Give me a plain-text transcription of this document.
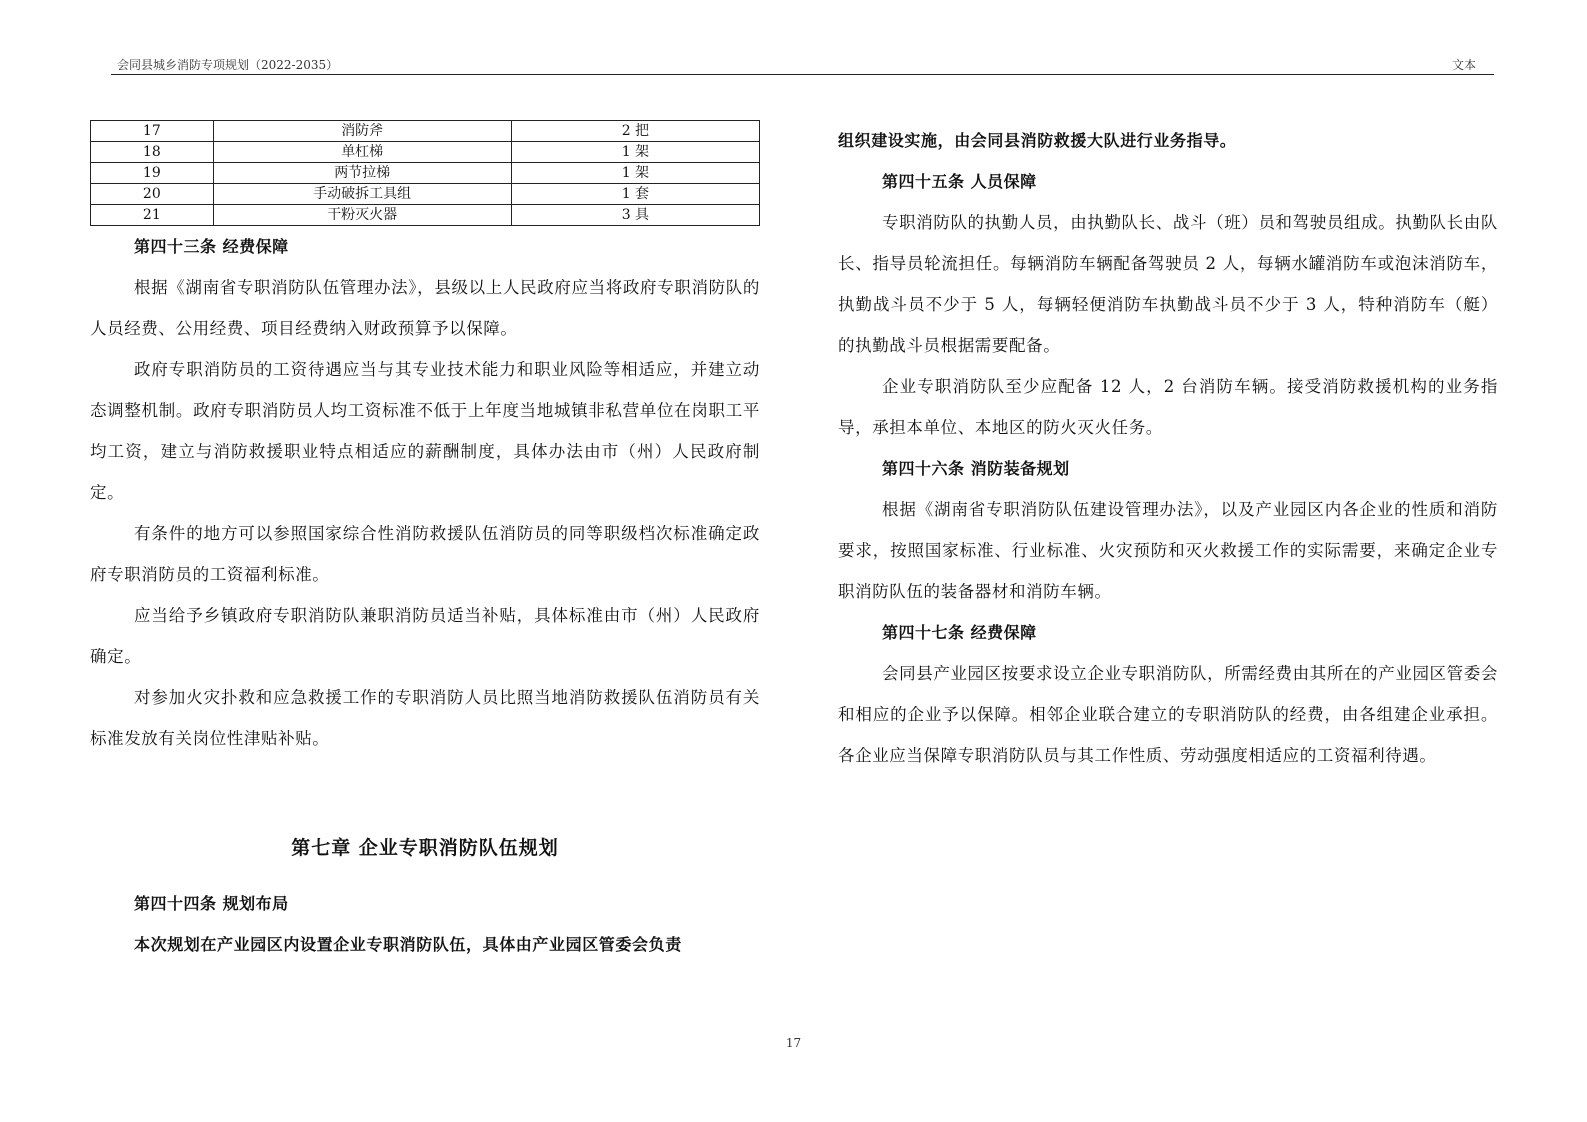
会同县城乡消防专项规划（2022-2035）	文本
17	消防斧	2 把
18	单杠梯	1 架
19	两节拉梯	1 架
20	手动破拆工具组	1 套
21	干粉灭火器	3 具

第四十三条 经费保障

根据《湖南省专职消防队伍管理办法》，县级以上人民政府应当将政府专职消防队的人员经费、公用经费、项目经费纳入财政预算予以保障。

政府专职消防员的工资待遇应当与其专业技术能力和职业风险等相适应，并建立动态调整机制。政府专职消防员人均工资标准不低于上年度当地城镇非私营单位在岗职工平均工资，建立与消防救援职业特点相适应的薪酬制度，具体办法由市（州）人民政府制定。

有条件的地方可以参照国家综合性消防救援队伍消防员的同等职级档次标准确定政府专职消防员的工资福利标准。

应当给予乡镇政府专职消防队兼职消防员适当补贴，具体标准由市（州）人民政府确定。

对参加火灾扑救和应急救援工作的专职消防人员比照当地消防救援队伍消防员有关标准发放有关岗位性津贴补贴。

第七章 企业专职消防队伍规划

第四十四条 规划布局

本次规划在产业园区内设置企业专职消防队伍，具体由产业园区管委会负责

组织建设实施，由会同县消防救援大队进行业务指导。

第四十五条 人员保障

专职消防队的执勤人员，由执勤队长、战斗（班）员和驾驶员组成。执勤队长由队长、指导员轮流担任。每辆消防车辆配备驾驶员 2 人，每辆水罐消防车或泡沫消防车，执勤战斗员不少于 5 人，每辆轻便消防车执勤战斗员不少于 3 人，特种消防车（艇）的执勤战斗员根据需要配备。

企业专职消防队至少应配备 12 人，2 台消防车辆。接受消防救援机构的业务指导，承担本单位、本地区的防火灭火任务。

第四十六条 消防装备规划

根据《湖南省专职消防队伍建设管理办法》，以及产业园区内各企业的性质和消防要求，按照国家标准、行业标准、火灾预防和灭火救援工作的实际需要，来确定企业专职消防队伍的装备器材和消防车辆。

第四十七条 经费保障

会同县产业园区按要求设立企业专职消防队，所需经费由其所在的产业园区管委会和相应的企业予以保障。相邻企业联合建立的专职消防队的经费，由各组建企业承担。各企业应当保障专职消防队员与其工作性质、劳动强度相适应的工资福利待遇。

17
